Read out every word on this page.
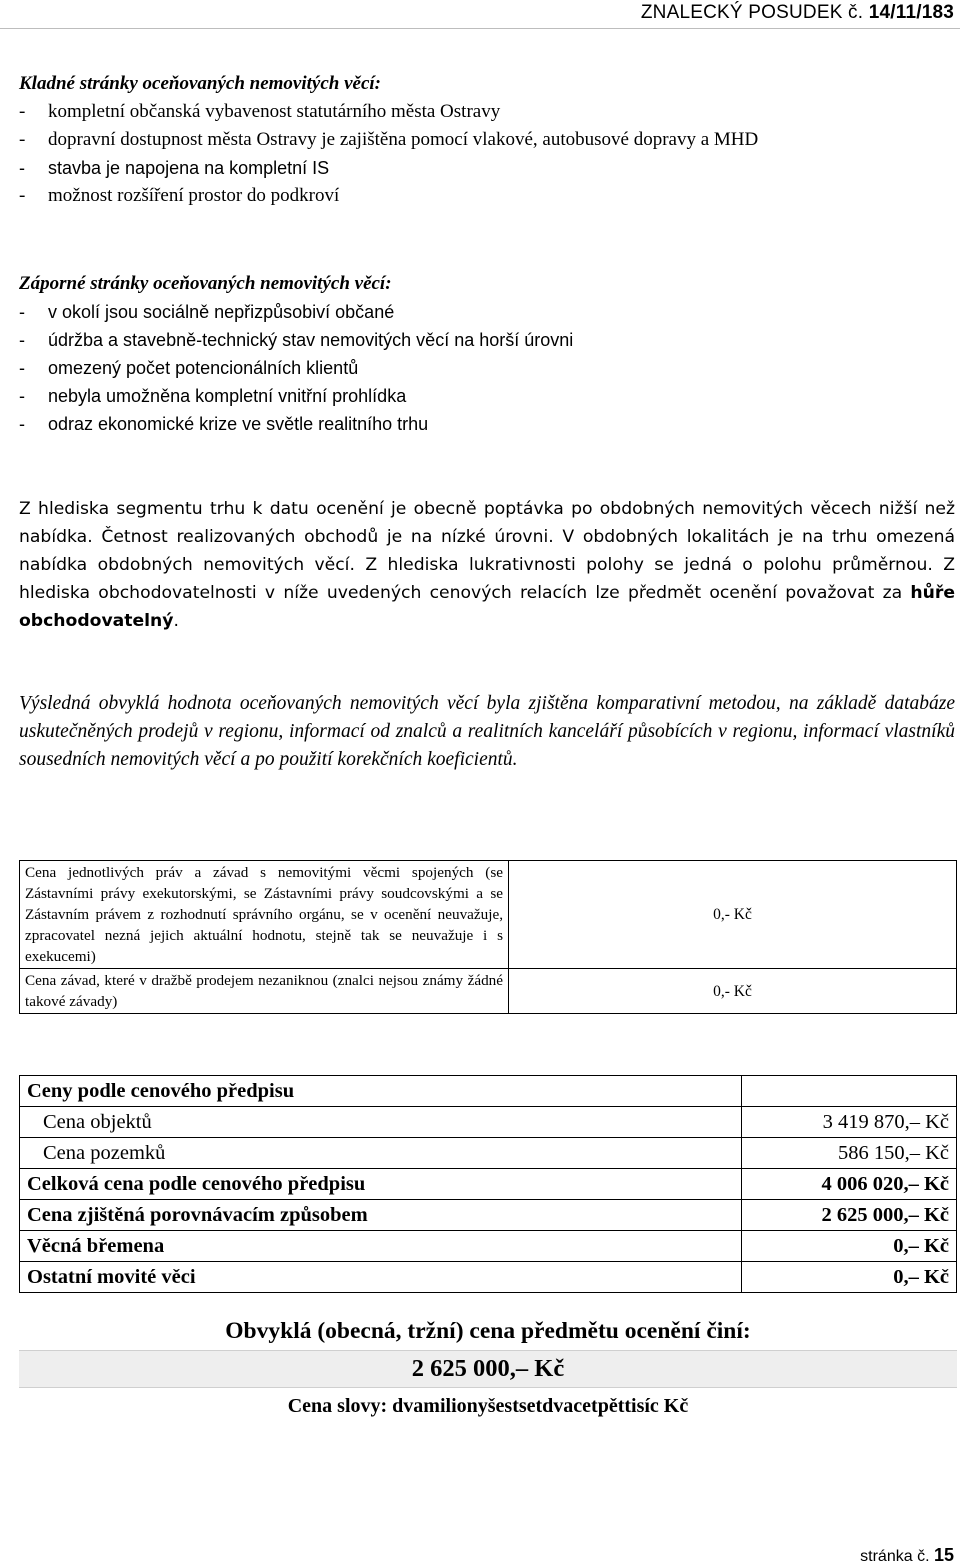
ZNALECKÝ POSUDEK č. 14/11/183
Kladné stránky oceňovaných nemovitých věcí:
- kompletní občanská vybavenost statutárního města Ostravy
- dopravní dostupnost města Ostravy je zajištěna pomocí vlakové, autobusové dopravy a MHD
- stavba je napojena na kompletní IS
- možnost rozšíření prostor do podkroví
Záporné stránky oceňovaných nemovitých věcí:
- v okolí jsou sociálně nepřizpůsobiví občané
- údržba a stavebně-technický stav nemovitých věcí na horší úrovni
- omezený počet potencionálních klientů
- nebyla umožněna kompletní vnitřní prohlídka
- odraz ekonomické krize ve světle realitního trhu
Z hlediska segmentu trhu k datu ocenění je obecně poptávka po obdobných nemovitých věcech nižší než nabídka. Četnost realizovaných obchodů je na nízké úrovni. V obdobných lokalitách je na trhu omezená nabídka obdobných nemovitých věcí. Z hlediska lukrativnosti polohy se jedná o polohu průměrnou. Z hlediska obchodovatelnosti v níže uvedených cenových relacích lze předmět ocenění považovat za hůře obchodovatelný.
Výsledná obvyklá hodnota oceňovaných nemovitých věcí byla zjištěna komparativní metodou, na základě databáze uskutečněných prodejů v regionu, informací od znalců a realitních kanceláří působících v regionu, informací vlastníků sousedních nemovitých věcí a po použití korekčních koeficientů.
Cena jednotlivých práv a závad s nemovitými věcmi spojených (se Zástavními právy exekutorskými, se Zástavními právy soudcovskými a se Zástavním právem z rozhodnutí správního orgánu, se v ocenění neuvažuje, zpracovatel nezná jejich aktuální hodnotu, stejně tak se neuvažuje i s exekucemi)	0,- Kč
Cena závad, které v dražbě prodejem nezaniknou (znalci nejsou známy žádné takové závady)	0,- Kč
Ceny podle cenového předpisu	
Cena objektů	3 419 870,– Kč
Cena pozemků	586 150,– Kč
Celková cena podle cenového předpisu	4 006 020,– Kč
Cena zjištěná porovnávacím způsobem	2 625 000,– Kč
Věcná břemena	0,– Kč
Ostatní movité věci	0,– Kč
Obvyklá (obecná, tržní) cena předmětu ocenění činí:
2 625 000,– Kč
Cena slovy: dvamilionyšestsetdvacetpěttisíc Kč
stránka č. 15
